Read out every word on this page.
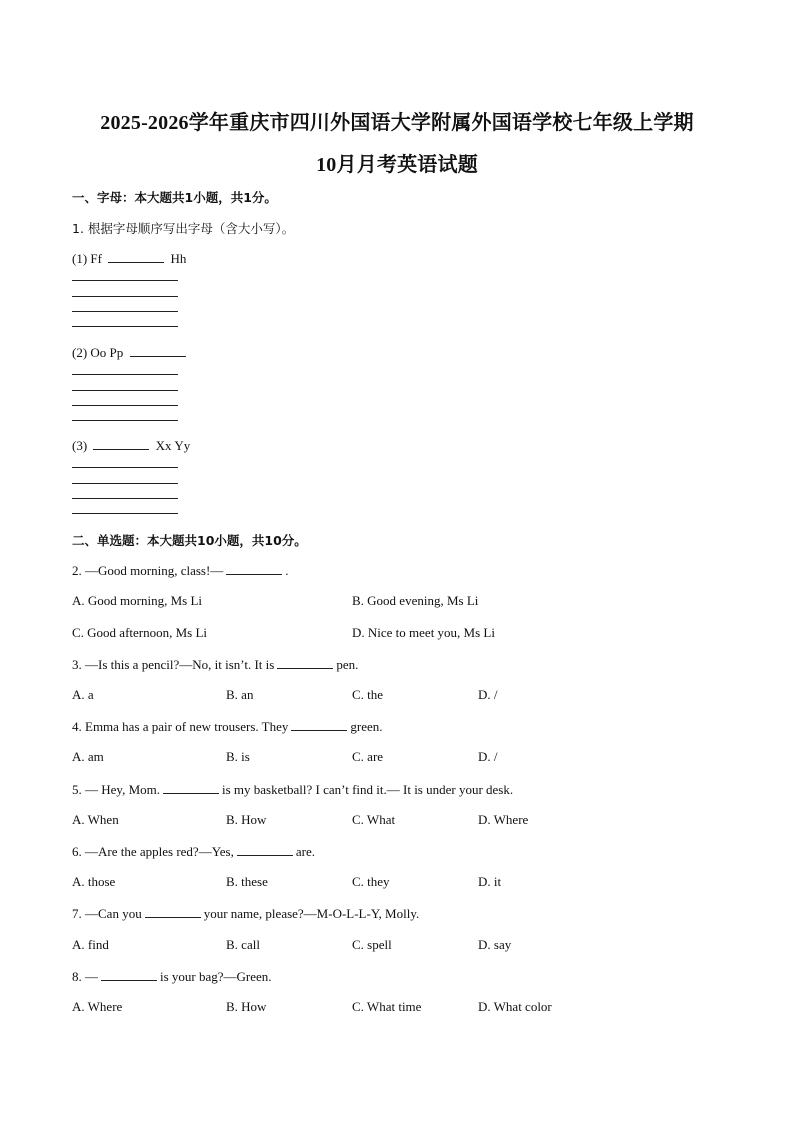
2025-2026学年重庆市四川外国语大学附属外国语学校七年级上学期
10月月考英语试题
一、字母：本大题共1小题，共1分。
1. 根据字母顺序写出字母（含大小写）。
(1) Ff	Hh
(2) Oo Pp
(3)	Xx Yy
二、单选题：本大题共10小题，共10分。
2. —Good morning, class!—	.
A. Good morning, Ms Li	B. Good evening, Ms Li
C. Good afternoon, Ms Li	D. Nice to meet you, Ms Li
3. —Is this a pencil?—No, it isn’t. It is	pen.
A. a	B. an	C. the	D. /
4. Emma has a pair of new trousers. They	green.
A. am	B. is	C. are	D. /
5. — Hey, Mom.	is my basketball? I can’t find it.— It is under your desk.
A. When	B. How	C. What	D. Where
6. —Are the apples red?—Yes,	are.
A. those	B. these	C. they	D. it
7. —Can you	your name, please?—M-O-L-L-Y, Molly.
A. find	B. call	C. spell	D. say
8. —	is your bag?—Green.
A. Where	B. How	C. What time	D. What color
